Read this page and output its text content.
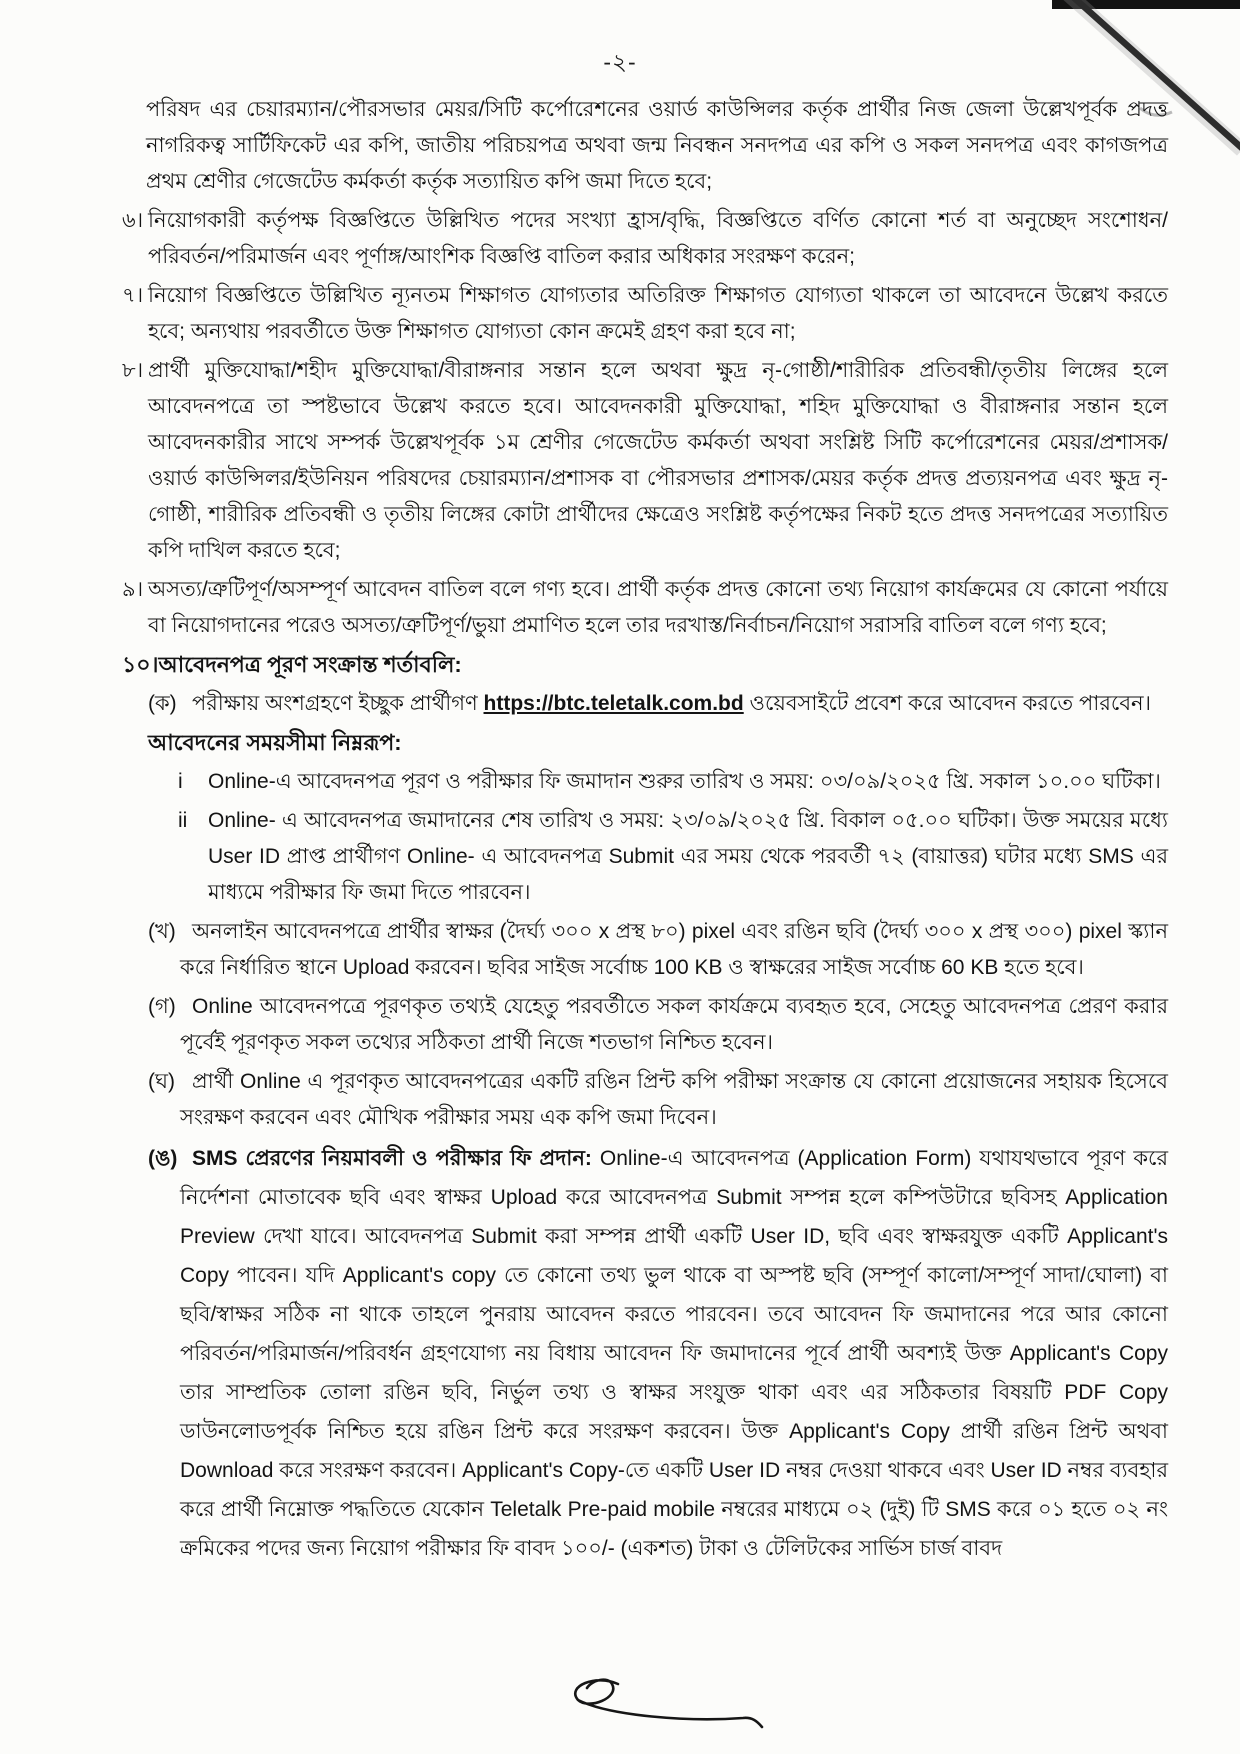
-২-

পরিষদ এর চেয়ারম্যান/পৌরসভার মেয়র/সিটি কর্পোরেশনের ওয়ার্ড কাউন্সিলর কর্তৃক প্রার্থীর নিজ জেলা উল্লেখপূর্বক প্রদত্ত নাগরিকত্ব সার্টিফিকেট এর কপি, জাতীয় পরিচয়পত্র অথবা জন্ম নিবন্ধন সনদপত্র এর কপি ও সকল সনদপত্র এবং কাগজপত্র প্রথম শ্রেণীর গেজেটেড কর্মকর্তা কর্তৃক সত্যায়িত কপি জমা দিতে হবে;

৬। নিয়োগকারী কর্তৃপক্ষ বিজ্ঞপ্তিতে উল্লিখিত পদের সংখ্যা হ্রাস/বৃদ্ধি, বিজ্ঞপ্তিতে বর্ণিত কোনো শর্ত বা অনুচ্ছেদ সংশোধন/পরিবর্তন/পরিমার্জন এবং পূর্ণাঙ্গ/আংশিক বিজ্ঞপ্তি বাতিল করার অধিকার সংরক্ষণ করেন;

৭। নিয়োগ বিজ্ঞপ্তিতে উল্লিখিত ন্যূনতম শিক্ষাগত যোগ্যতার অতিরিক্ত শিক্ষাগত যোগ্যতা থাকলে তা আবেদনে উল্লেখ করতে হবে; অন্যথায় পরবর্তীতে উক্ত শিক্ষাগত যোগ্যতা কোন ক্রমেই গ্রহণ করা হবে না;

৮। প্রার্থী মুক্তিযোদ্ধা/শহীদ মুক্তিযোদ্ধা/বীরাঙ্গনার সন্তান হলে অথবা ক্ষুদ্র নৃ-গোষ্ঠী/শারীরিক প্রতিবন্ধী/তৃতীয় লিঙ্গের হলে আবেদনপত্রে তা স্পষ্টভাবে উল্লেখ করতে হবে। আবেদনকারী মুক্তিযোদ্ধা, শহিদ মুক্তিযোদ্ধা ও বীরাঙ্গনার সন্তান হলে আবেদনকারীর সাথে সম্পর্ক উল্লেখপূর্বক ১ম শ্রেণীর গেজেটেড কর্মকর্তা অথবা সংশ্লিষ্ট সিটি কর্পোরেশনের মেয়র/প্রশাসক/ওয়ার্ড কাউন্সিলর/ইউনিয়ন পরিষদের চেয়ারম্যান/প্রশাসক বা পৌরসভার প্রশাসক/মেয়র কর্তৃক প্রদত্ত প্রত্যয়নপত্র এবং ক্ষুদ্র নৃ-গোষ্ঠী, শারীরিক প্রতিবন্ধী ও তৃতীয় লিঙ্গের কোটা প্রার্থীদের ক্ষেত্রেও সংশ্লিষ্ট কর্তৃপক্ষের নিকট হতে প্রদত্ত সনদপত্রের সত্যায়িত কপি দাখিল করতে হবে;

৯। অসত্য/ত্রুটিপূর্ণ/অসম্পূর্ণ আবেদন বাতিল বলে গণ্য হবে। প্রার্থী কর্তৃক প্রদত্ত কোনো তথ্য নিয়োগ কার্যক্রমের যে কোনো পর্যায়ে বা নিয়োগদানের পরেও অসত্য/ত্রুটিপূর্ণ/ভুয়া প্রমাণিত হলে তার দরখাস্ত/নির্বাচন/নিয়োগ সরাসরি বাতিল বলে গণ্য হবে;

১০।আবেদনপত্র পূরণ সংক্রান্ত শর্তাবলি:

(ক) পরীক্ষায় অংশগ্রহণে ইচ্ছুক প্রার্থীগণ https://btc.teletalk.com.bd ওয়েবসাইটে প্রবেশ করে আবেদন করতে পারবেন।

আবেদনের সময়সীমা নিম্নরূপ:

i Online-এ আবেদনপত্র পূরণ ও পরীক্ষার ফি জমাদান শুরুর তারিখ ও সময়: ০৩/০৯/২০২৫ খ্রি. সকাল ১০.০০ ঘটিকা।

ii Online- এ আবেদনপত্র জমাদানের শেষ তারিখ ও সময়: ২৩/০৯/২০২৫ খ্রি. বিকাল ০৫.০০ ঘটিকা। উক্ত সময়ের মধ্যে User ID প্রাপ্ত প্রার্থীগণ Online- এ আবেদনপত্র Submit এর সময় থেকে পরবর্তী ৭২ (বায়াত্তর) ঘটার মধ্যে SMS এর মাধ্যমে পরীক্ষার ফি জমা দিতে পারবেন।

(খ) অনলাইন আবেদনপত্রে প্রার্থীর স্বাক্ষর (দৈর্ঘ্য ৩০০ x প্রস্থ ৮০) pixel এবং রঙিন ছবি (দৈর্ঘ্য ৩০০ x প্রস্থ ৩০০) pixel স্ক্যান করে নির্ধারিত স্থানে Upload করবেন। ছবির সাইজ সর্বোচ্চ 100 KB ও স্বাক্ষরের সাইজ সর্বোচ্চ 60 KB হতে হবে।

(গ) Online আবেদনপত্রে পূরণকৃত তথ্যই যেহেতু পরবর্তীতে সকল কার্যক্রমে ব্যবহৃত হবে, সেহেতু আবেদনপত্র প্রেরণ করার পূর্বেই পূরণকৃত সকল তথ্যের সঠিকতা প্রার্থী নিজে শতভাগ নিশ্চিত হবেন।

(ঘ) প্রার্থী Online এ পূরণকৃত আবেদনপত্রের একটি রঙিন প্রিন্ট কপি পরীক্ষা সংক্রান্ত যে কোনো প্রয়োজনের সহায়ক হিসেবে সংরক্ষণ করবেন এবং মৌখিক পরীক্ষার সময় এক কপি জমা দিবেন।

(ঙ) SMS প্রেরণের নিয়মাবলী ও পরীক্ষার ফি প্রদান: Online-এ আবেদনপত্র (Application Form) যথাযথভাবে পূরণ করে নির্দেশনা মোতাবেক ছবি এবং স্বাক্ষর Upload করে আবেদনপত্র Submit সম্পন্ন হলে কম্পিউটারে ছবিসহ Application Preview দেখা যাবে। আবেদনপত্র Submit করা সম্পন্ন প্রার্থী একটি User ID, ছবি এবং স্বাক্ষরযুক্ত একটি Applicant's Copy পাবেন। যদি Applicant's copy তে কোনো তথ্য ভুল থাকে বা অস্পষ্ট ছবি (সম্পূর্ণ কালো/সম্পূর্ণ সাদা/ঘোলা) বা ছবি/স্বাক্ষর সঠিক না থাকে তাহলে পুনরায় আবেদন করতে পারবেন। তবে আবেদন ফি জমাদানের পরে আর কোনো পরিবর্তন/পরিমার্জন/পরিবর্ধন গ্রহণযোগ্য নয় বিধায় আবেদন ফি জমাদানের পূর্বে প্রার্থী অবশ্যই উক্ত Applicant's Copy তার সাম্প্রতিক তোলা রঙিন ছবি, নির্ভুল তথ্য ও স্বাক্ষর সংযুক্ত থাকা এবং এর সঠিকতার বিষয়টি PDF Copy ডাউনলোডপূর্বক নিশ্চিত হয়ে রঙিন প্রিন্ট করে সংরক্ষণ করবেন। উক্ত Applicant's Copy প্রার্থী রঙিন প্রিন্ট অথবা Download করে সংরক্ষণ করবেন। Applicant's Copy-তে একটি User ID নম্বর দেওয়া থাকবে এবং User ID নম্বর ব্যবহার করে প্রার্থী নিম্নোক্ত পদ্ধতিতে যেকোন Teletalk Pre-paid mobile নম্বরের মাধ্যমে ০২ (দুই) টি SMS করে ০১ হতে ০২ নং ক্রমিকের পদের জন্য নিয়োগ পরীক্ষার ফি বাবদ ১০০/- (একশত) টাকা ও টেলিটকের সার্ভিস চার্জ বাবদ
